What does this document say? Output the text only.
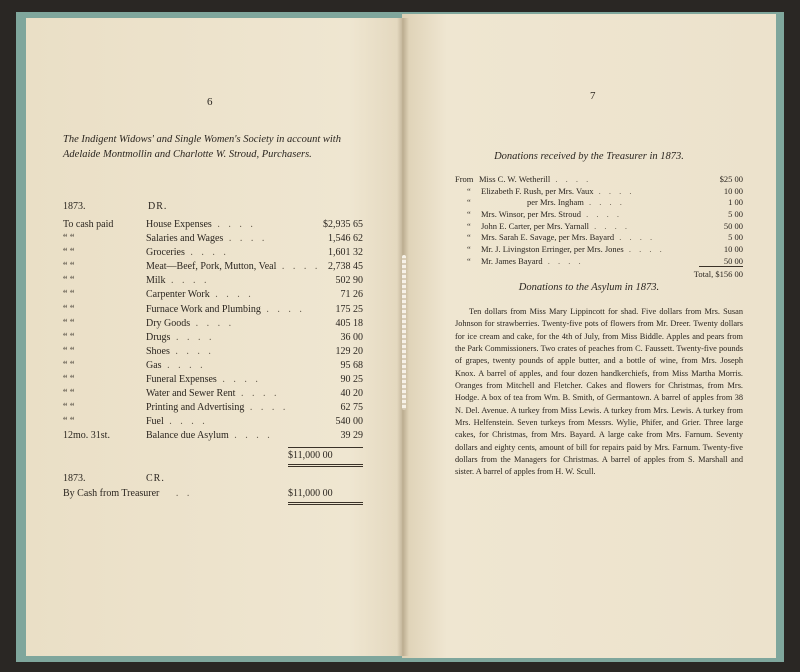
6
The Indigent Widows' and Single Women's Society in account with Adelaide Montmollin and Charlotte W. Stroud, Purchasers.
1873.	DR.
To cash paid	House Expenses . . . .	$2,935 65
“ “	Salaries and Wages . . . .	1,546 62
“ “	Groceries . . . .	1,601 32
“ “	Meat—Beef, Pork, Mutton, Veal . . . . 2,738 45
“ “	Milk . . . .	502 90
“ “	Carpenter Work . . . .	71 26
“ “	Furnace Work and Plumbing . . . .	175 25
“ “	Dry Goods . . . .	405 18
“ “	Drugs . . . .	36 00
“ “	Shoes . . . .	129 20
“ “	Gas . . . .	95 68
“ “	Funeral Expenses . . . .	90 25
“ “	Water and Sewer Rent . . . .	40 20
“ “	Printing and Advertising . . . .	62 75
“ “	Fuel . . . .	540 00
12mo. 31st.	Balance due Asylum . . . .	39 29
$11,000 00
1873.	CR.
By Cash from Treasurer . .	$11,000 00
7
Donations received by the Treasurer in 1873.
From Miss C. W. Wetherill . . . .	$25 00
“ Elizabeth F. Rush, per Mrs. Vaux . . . .	10 00
“	per Mrs. Ingham . . . .	1 00
“ Mrs. Winsor, per Mrs. Stroud . . . .	5 00
“ John E. Carter, per Mrs. Yarnall . . . .	50 00
“ Mrs. Sarah E. Savage, per Mrs. Bayard . . . .	5 00
“ Mr. J. Livingston Erringer, per Mrs. Jones . . . .	10 00
“ Mr. James Bayard . . . .	50 00
Total, $156 00
Donations to the Asylum in 1873.

Ten dollars from Miss Mary Lippincott for shad. Five dollars from Mrs. Susan Johnson for strawberries. Twenty-five pots of flowers from Mr. Dreer. Twenty dollars for ice cream and cake, for the 4th of July, from Miss Biddle. Apples and pears from the Park Commissioners. Two crates of peaches from C. Faussett. Twenty-five pounds of grapes, twenty pounds of apple butter, and a bottle of wine, from Mrs. Joseph Knox. A barrel of apples, and four dozen handkerchiefs, from Miss Martha Morris. Oranges from Mitchell and Fletcher. Cakes and flowers for Christmas, from Mrs. Hodge. A box of tea from Wm. B. Smith, of Germantown. A barrel of apples from 38 N. Del. Avenue. A turkey from Miss Lewis. A turkey from Mrs. Lewis. A turkey from Mrs. Helfenstein. Seven turkeys from Messrs. Wylie, Phifer, and Grier. Three large cakes, for Christmas, from Mrs. Bayard. A large cake from Mrs. Farnum. Seventy dollars and eighty cents, amount of bill for repairs paid by Mrs. Farnum. Twenty-five dollars from the Managers for Christmas. A barrel of apples from S. Marshall and sister. A barrel of apples from H. W. Scull.
